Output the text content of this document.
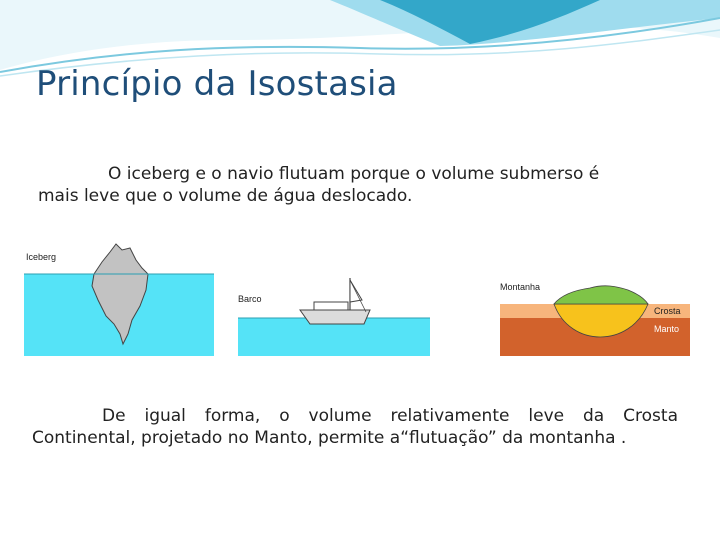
Princípio da Isostasia

O iceberg e o navio flutuam porque o volume submerso é mais leve que o volume de água deslocado.

Iceberg
Barco
Montanha
Crosta
Manto

De igual forma, o volume relativamente leve da Crosta Continental, projetado no Manto, permite a“flutuação” da montanha .
